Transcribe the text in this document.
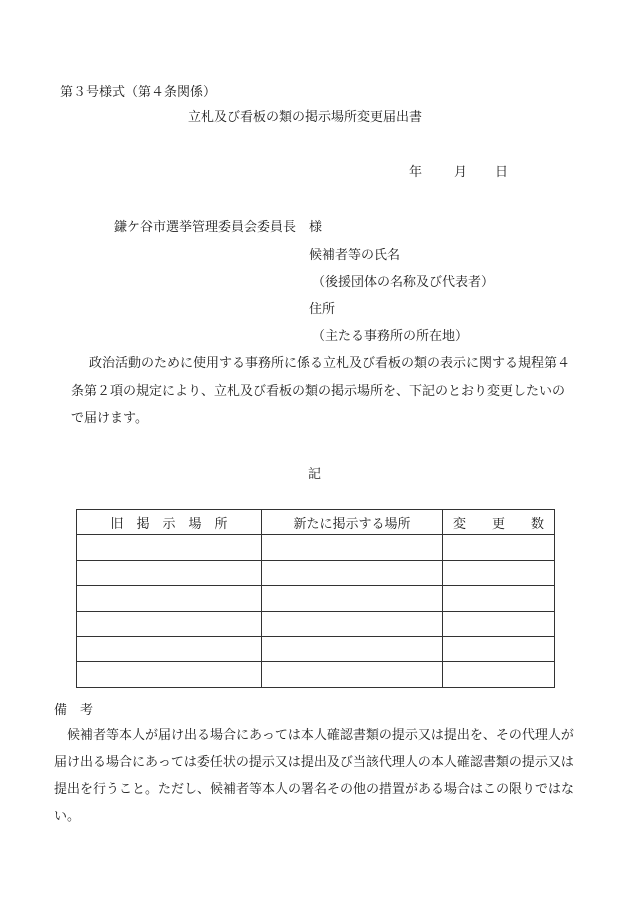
第３号様式（第４条関係）
立札及び看板の類の掲示場所変更届出書
年 月 日
鎌ケ谷市選挙管理委員会委員長　様
候補者等の氏名
（後援団体の名称及び代表者）
住所
（主たる事務所の所在地）
政治活動のために使用する事務所に係る立札及び看板の類の表示に関する規程第４条第２項の規定により、立札及び看板の類の掲示場所を、下記のとおり変更したいので届けます。
記
旧　掲　示　場　所	新たに掲示する場所	変　　更　　数

備　考
候補者等本人が届け出る場合にあっては本人確認書類の提示又は提出を、その代理人が届け出る場合にあっては委任状の提示又は提出及び当該代理人の本人確認書類の提示又は提出を行うこと。ただし、候補者等本人の署名その他の措置がある場合はこの限りではない。
